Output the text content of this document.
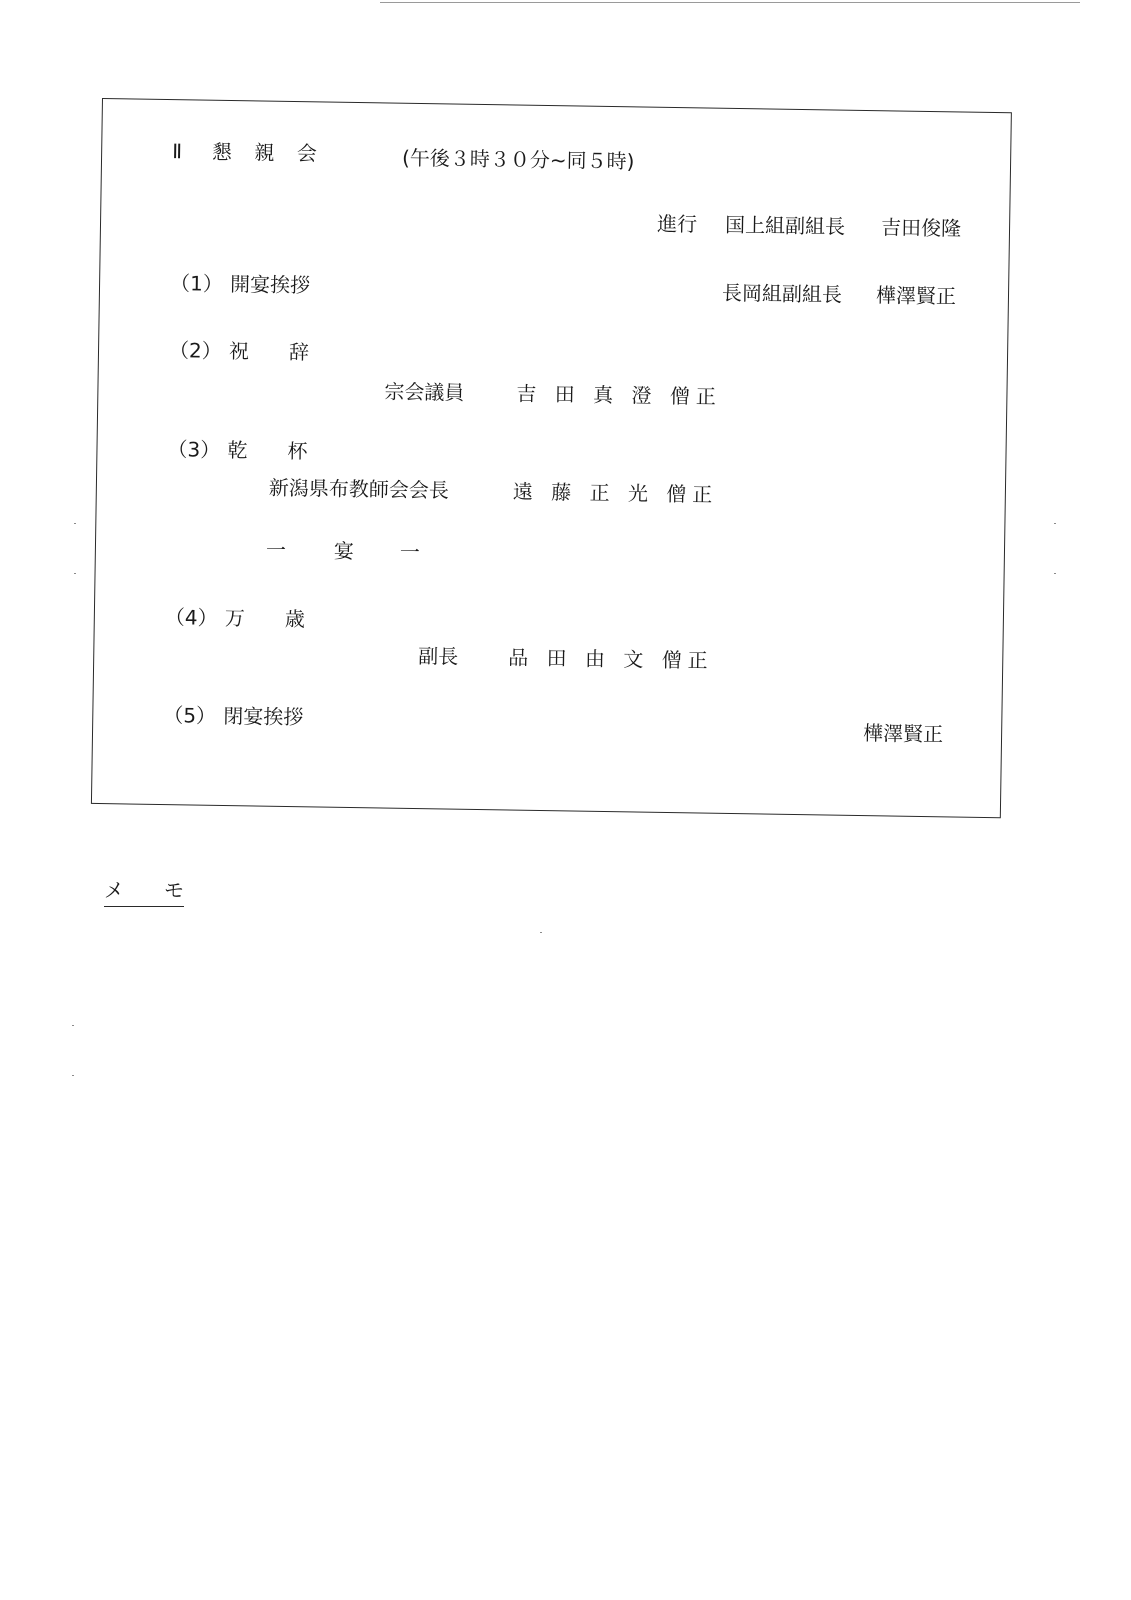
Ⅱ 懇 親 会	(午後３時３０分~同５時)
進行 国上組副組長 吉田俊隆
（1） 開宴挨拶	長岡組副組長 樺澤賢正
（2） 祝　　辞
宗会議員	吉 田 真 澄 僧正
（3） 乾　　杯
新潟県布教師会会長	遠 藤 正 光 僧正
一 宴 一
（4） 万　　歳
副長 品 田 由 文 僧正
（5） 閉宴挨拶
樺澤賢正
メ　　モ
